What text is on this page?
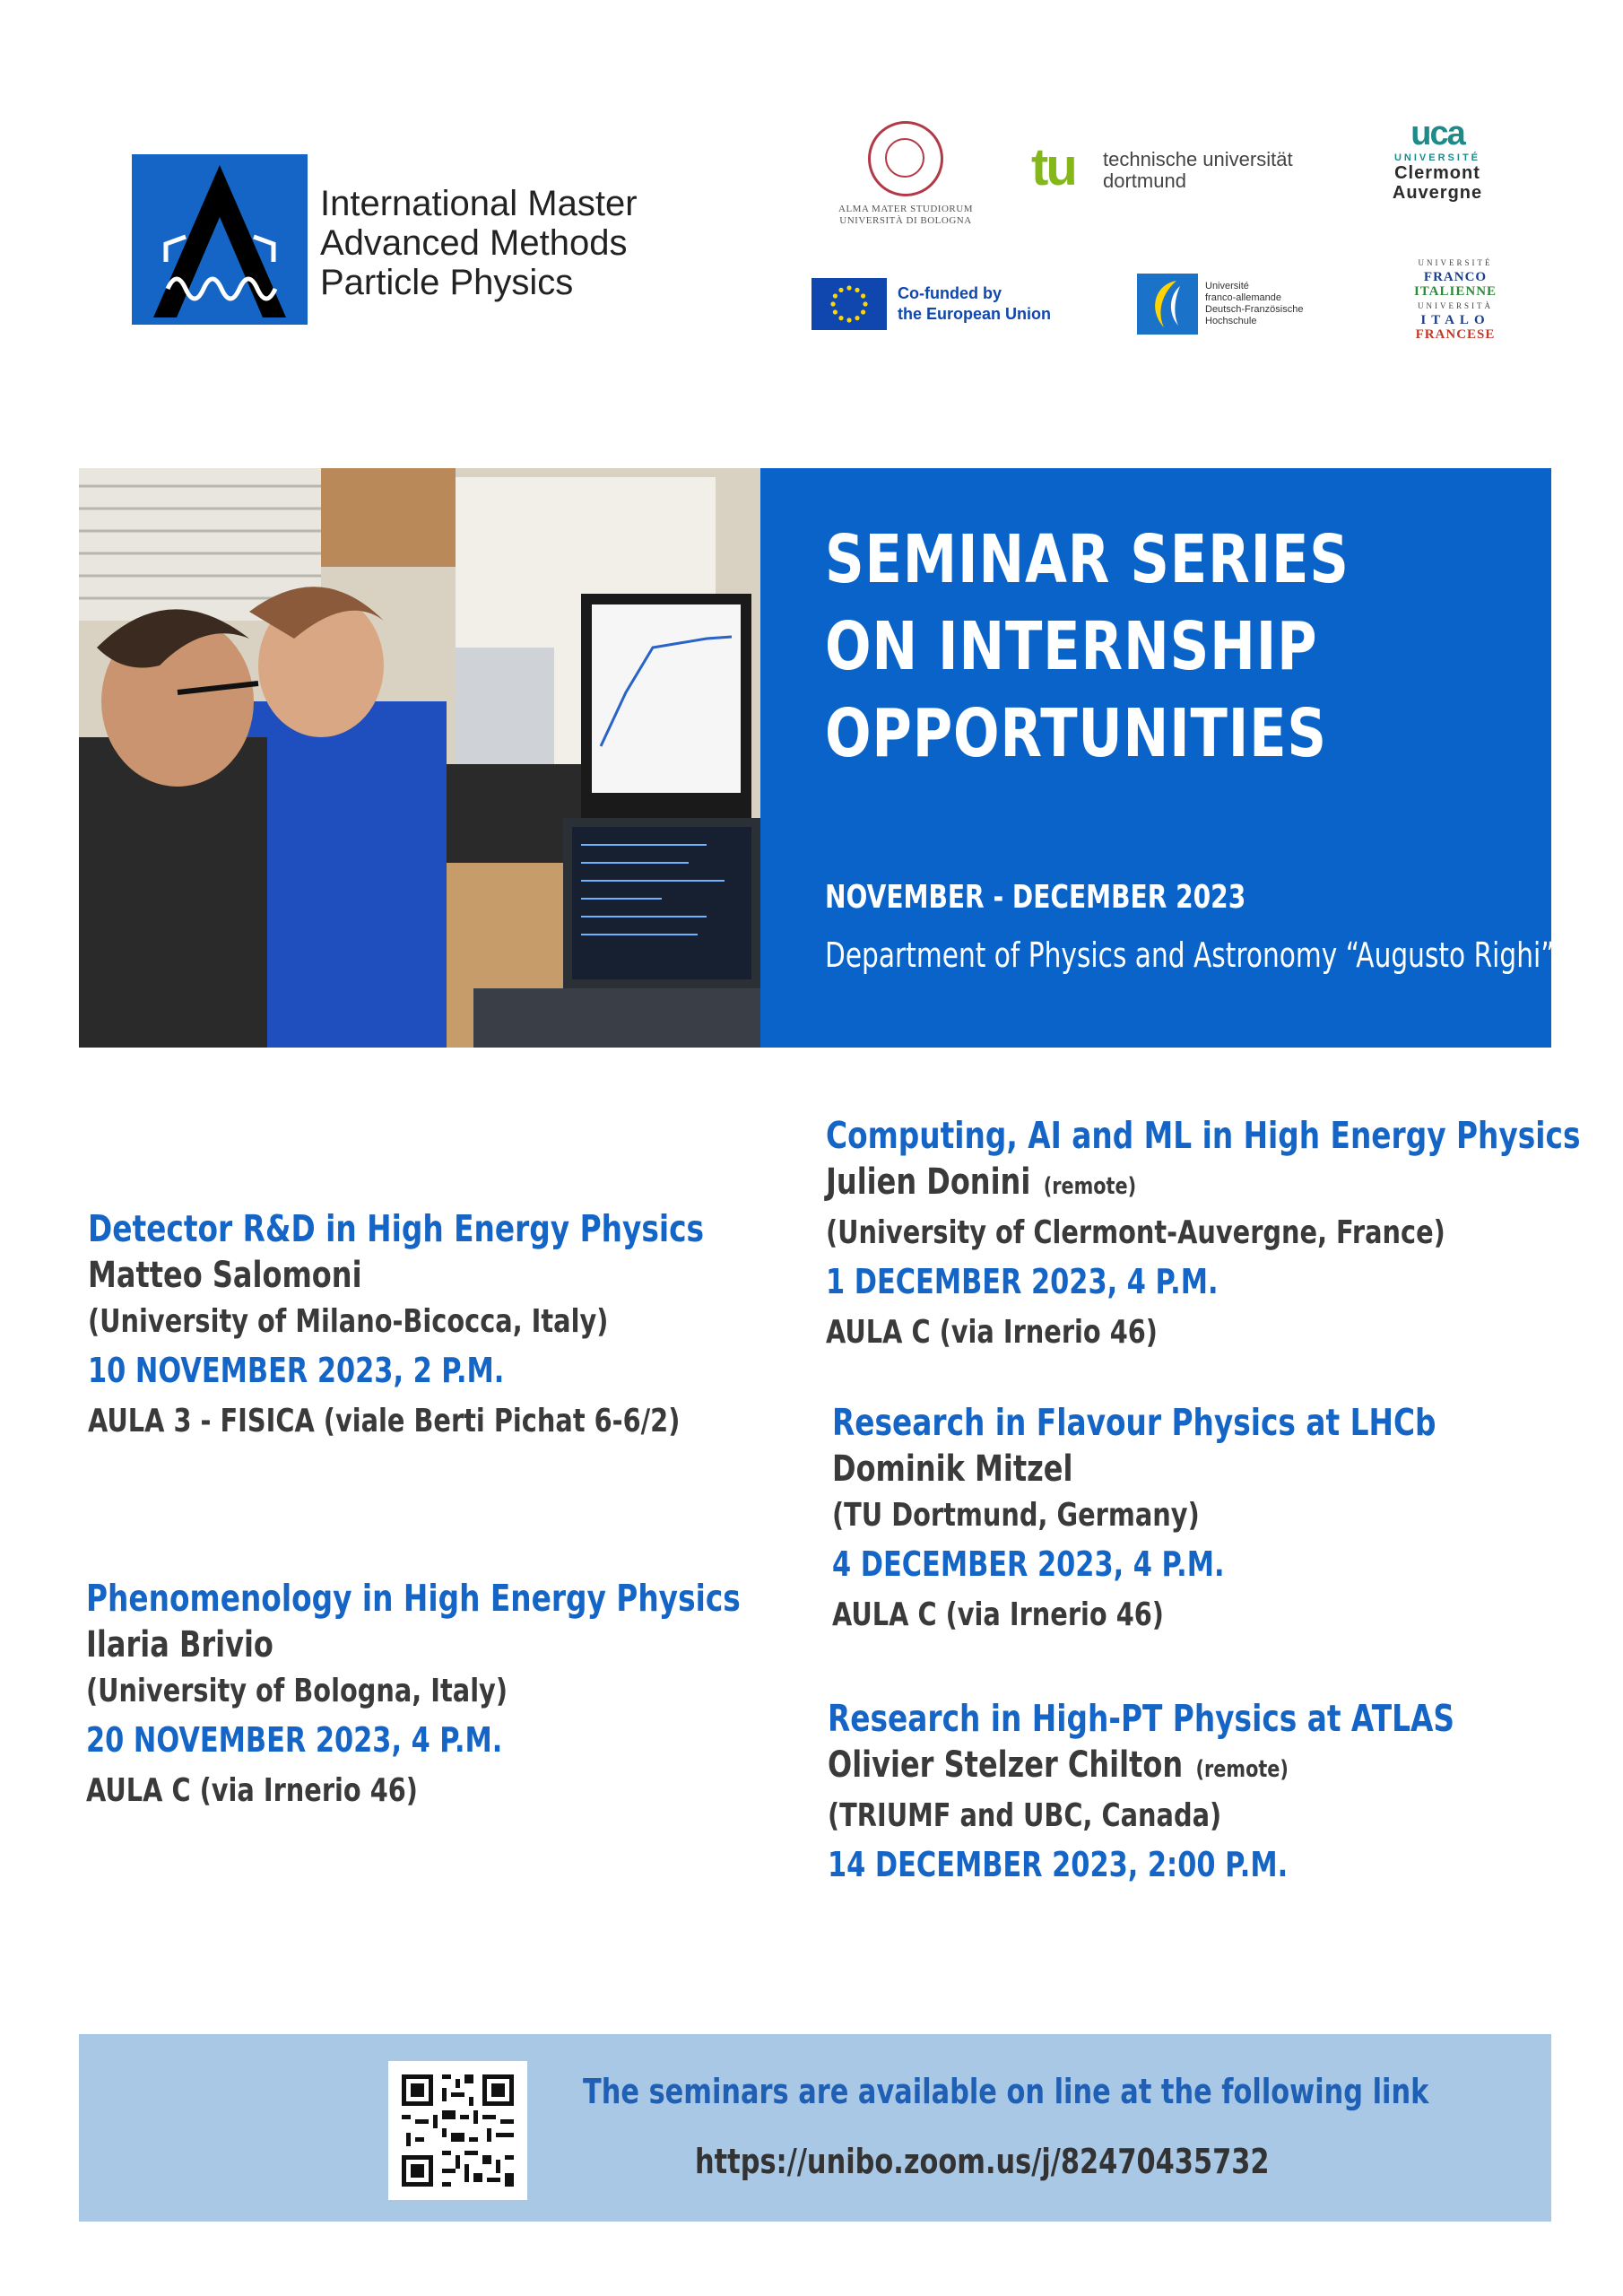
International Master
Advanced Methods
Particle Physics
ALMA MATER STUDIORUM
UNIVERSITÀ DI BOLOGNA
tu technische universität
dortmund
uca
UNIVERSITÉ
Clermont
Auvergne
Co-funded by
the European Union
Université
franco-allemande
Deutsch-Französische
Hochschule
UNIVERSITÉ
FRANCO
ITALIENNE
UNIVERSITÀ
ITALO
FRANCESE
SEMINAR SERIES
ON INTERNSHIP
OPPORTUNITIES
NOVEMBER - DECEMBER 2023
Department of Physics and Astronomy “Augusto Righi”
Detector R&D in High Energy Physics
Matteo Salomoni
(University of Milano-Bicocca, Italy)
10 NOVEMBER 2023, 2 P.M.
AULA 3 - FISICA (viale Berti Pichat 6-6/2)
Phenomenology in High Energy Physics
Ilaria Brivio
(University of Bologna, Italy)
20 NOVEMBER 2023, 4 P.M.
AULA C (via Irnerio 46)
Computing, AI and ML in High Energy Physics
Julien Donini (remote)
(University of Clermont-Auvergne, France)
1 DECEMBER 2023, 4 P.M.
AULA C (via Irnerio 46)
Research in Flavour Physics at LHCb
Dominik Mitzel
(TU Dortmund, Germany)
4 DECEMBER 2023, 4 P.M.
AULA C (via Irnerio 46)
Research in High-PT Physics at ATLAS
Olivier Stelzer Chilton (remote)
(TRIUMF and UBC, Canada)
14 DECEMBER 2023, 2:00 P.M.
The seminars are available on line at the following link
https://unibo.zoom.us/j/82470435732
